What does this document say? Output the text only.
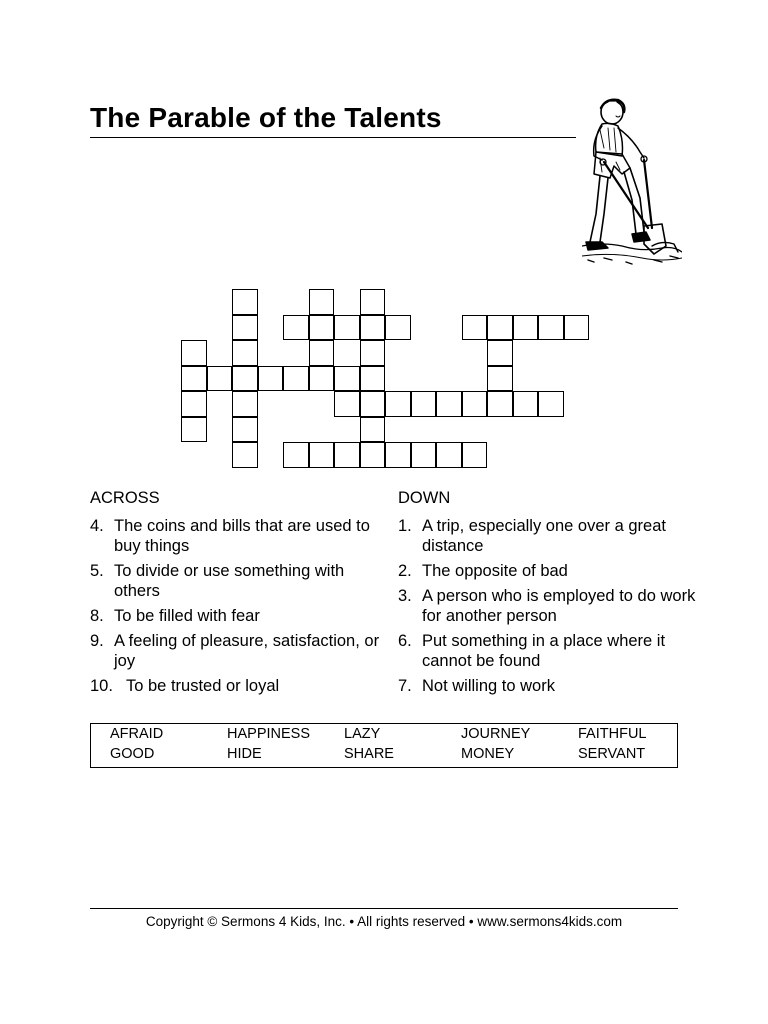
The Parable of the Talents
ACROSS
4. The coins and bills that are used to buy things
5. To divide or use something with others
8. To be filled with fear
9. A feeling of pleasure, satisfaction, or joy
10. To be trusted or loyal
DOWN
1. A trip, especially one over a great distance
2. The opposite of bad
3. A person who is employed to do work for another person
6. Put something in a place where it cannot be found
7. Not willing to work
AFRAID	HAPPINESS LAZY	JOURNEY	FAITHFUL
GOOD	HIDE	SHARE	MONEY	SERVANT
Copyright © Sermons 4 Kids, Inc. • All rights reserved • www.sermons4kids.com
